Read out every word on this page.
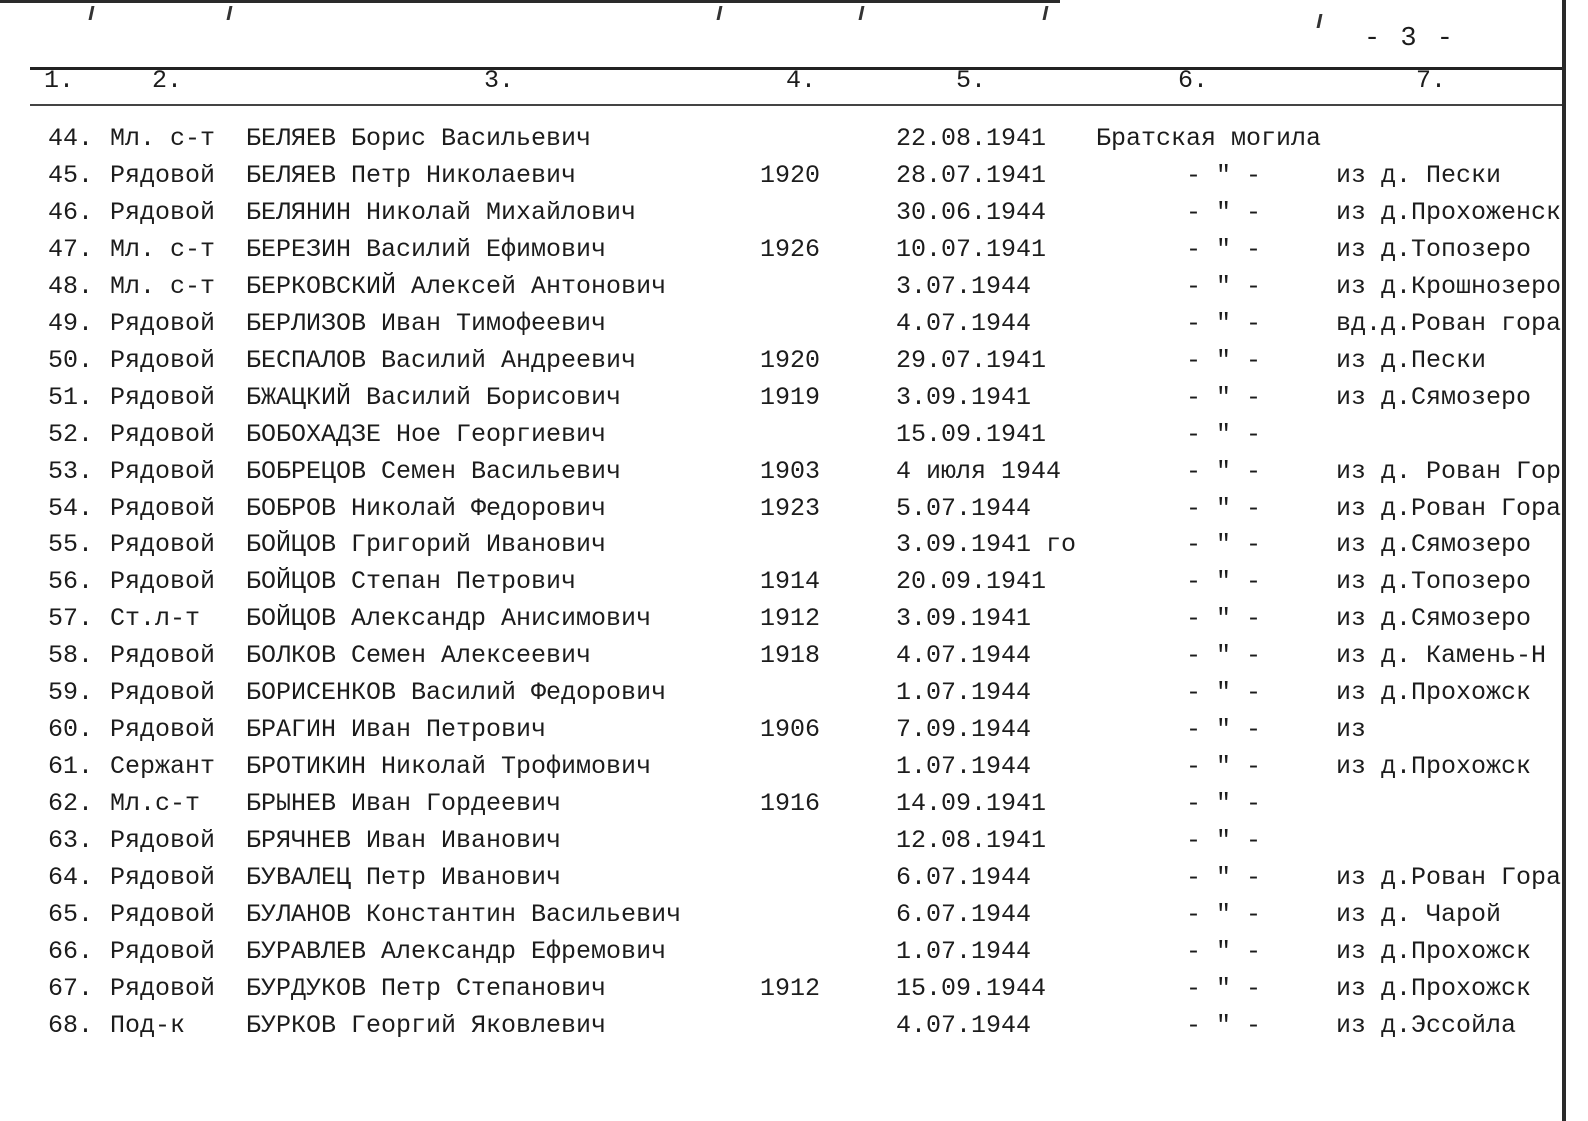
- 3 -
1.	2.	3.	4.	5.	6.	7.
44. Мл. с-т БЕЛЯЕВ Борис Васильевич	22.08.1941 Братская могила
45. Рядовой БЕЛЯЕВ Петр Николаевич	1920	28.07.1941	- " -	из д. Пески
46. Рядовой БЕЛЯНИН Николай Михайлович	30.06.1944	- " -	из д.Прохоженск
47. Мл. с-т БЕРЕЗИН Василий Ефимович	1926	10.07.1941	- " -	из д.Топозеро
48. Мл. с-т БЕРКОВСКИЙ Алексей Антонович	3.07.1944	- " -	из д.Крошнозеро
49. Рядовой БЕРЛИЗОВ Иван Тимофеевич	4.07.1944	- " -	вд.д.Рован гора
50. Рядовой БЕСПАЛОВ Василий Андреевич	1920	29.07.1941	- " -	из д.Пески
51. Рядовой БЖАЦКИЙ Василий Борисович	1919	3.09.1941	- " -	из д.Сямозеро
52. Рядовой БОБОХАДЗЕ Ное Георгиевич	15.09.1941	- " -
53. Рядовой БОБРЕЦОВ Семен Васильевич	1903	4 июля 1944	- " -	из д. Рован Гор
54. Рядовой БОБРОВ Николай Федорович	1923	5.07.1944	- " -	из д.Рован Гора
55. Рядовой БОЙЦОВ Григорий Иванович	3.09.1941 го	- " -	из д.Сямозеро
56. Рядовой БОЙЦОВ Степан Петрович	1914	20.09.1941	- " -	из д.Топозеро
57. Ст.л-т БОЙЦОВ Александр Анисимович	1912	3.09.1941	- " -	из д.Сямозеро
58. Рядовой БОЛКОВ Семен Алексеевич	1918	4.07.1944	- " -	из д. Камень-Н
59. Рядовой БОРИСЕНКОВ Василий Федорович	1.07.1944	- " -	из д.Прохожск
60. Рядовой БРАГИН Иван Петрович	1906	7.09.1944	- " -	из
61. Сержант БРОТИКИН Николай Трофимович	1.07.1944	- " -	из д.Прохожск
62. Мл.с-т БРЫНЕВ Иван Гордеевич	1916	14.09.1941	- " -
63. Рядовой БРЯЧНЕВ Иван Иванович	12.08.1941	- " -
64. Рядовой БУВАЛЕЦ Петр Иванович	6.07.1944	- " -	из д.Рован Гора
65. Рядовой БУЛАНОВ Константин Васильевич	6.07.1944	- " -	из д. Чарой
66. Рядовой БУРАВЛЕВ Александр Ефремович	1.07.1944	- " -	из д.Прохожск
67. Рядовой БУРДУКОВ Петр Степанович	1912	15.09.1944	- " -	из д.Прохожск
68. Под-к БУРКОВ Георгий Яковлевич	4.07.1944	- " -	из д.Эссойла
